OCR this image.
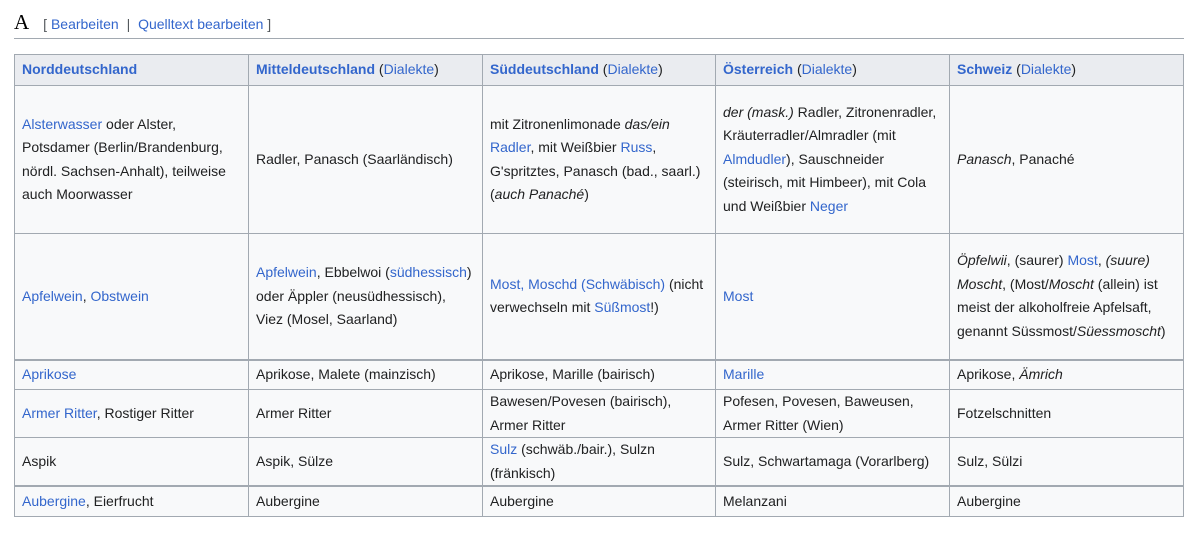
A [ Bearbeiten | Quelltext bearbeiten ]
Norddeutschland	Mitteldeutschland (Dialekte)	Süddeutschland (Dialekte)	Österreich (Dialekte)	Schweiz (Dialekte)
Alsterwasser oder Alster, Potsdamer (Berlin/Brandenburg, nördl. Sachsen-Anhalt), teilweise auch Moorwasser	Radler, Panasch (Saarländisch)	mit Zitronenlimonade das/ein Radler, mit Weißbier Russ, G'spritztes, Panasch (bad., saarl.) (auch Panaché)	der (mask.) Radler, Zitronenradler, Kräuterradler/Almradler (mit Almdudler), Sauschneider (steirisch, mit Himbeer), mit Cola und Weißbier Neger	Panasch, Panaché
Apfelwein, Obstwein	Apfelwein, Ebbelwoi (südhessisch) oder Äppler (neusüdhessisch), Viez (Mosel, Saarland)	Most, Moschd (Schwäbisch) (nicht verwechseln mit Süßmost!)	Most	Öpfelwii, (saurer) Most, (suure) Moscht, (Most/Moscht (allein) ist meist der alkoholfreie Apfelsaft, genannt Süssmost/Süessmoscht)
Aprikose	Aprikose, Malete (mainzisch)	Aprikose, Marille (bairisch)	Marille	Aprikose, Ämrich
Armer Ritter, Rostiger Ritter	Armer Ritter	Bawesen/Povesen (bairisch), Armer Ritter	Pofesen, Povesen, Baweusen, Armer Ritter (Wien)	Fotzelschnitten
Aspik	Aspik, Sülze	Sulz (schwäb./bair.), Sulzn (fränkisch)	Sulz, Schwartamaga (Vorarlberg)	Sulz, Sülzi
Aubergine, Eierfrucht	Aubergine	Aubergine	Melanzani	Aubergine
